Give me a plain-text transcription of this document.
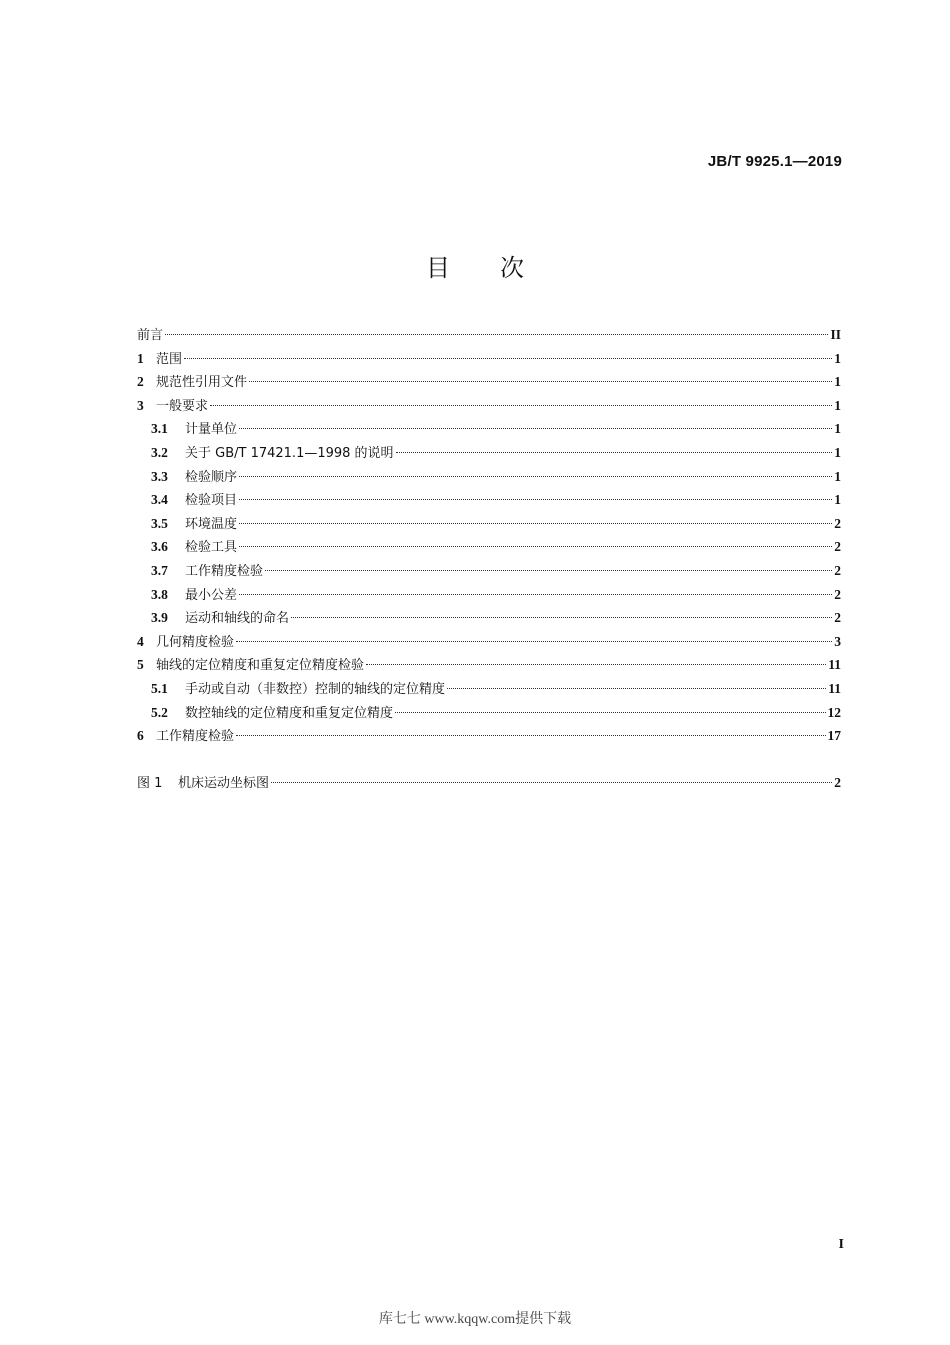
JB/T 9925.1—2019
目次
前言	II
1 范围	1
2 规范性引用文件	1
3 一般要求	1
3.1	计量单位	1
3.2	关于 GB/T 17421.1—1998 的说明	1
3.3	检验顺序	1
3.4	检验项目	1
3.5	环境温度	2
3.6	检验工具	2
3.7	工作精度检验	2
3.8	最小公差	2
3.9	运动和轴线的命名	2
4 几何精度检验	3
5 轴线的定位精度和重复定位精度检验	11
5.1	手动或自动（非数控）控制的轴线的定位精度	11
5.2	数控轴线的定位精度和重复定位精度	12
6 工作精度检验	17
图 1	机床运动坐标图	2
I
库七七 www.kqqw.com提供下载
